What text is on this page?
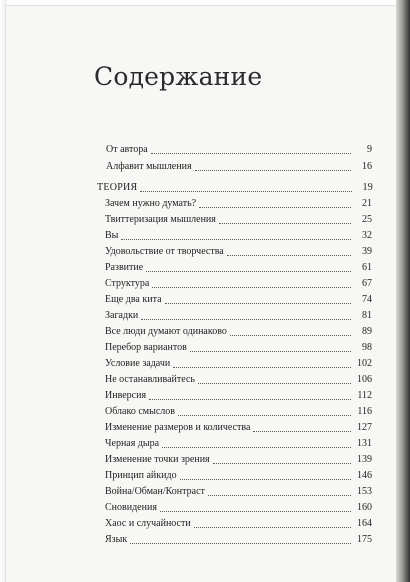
Содержание
От автора	9
Алфавит мышления	16
ТЕОРИЯ	19
Зачем нужно думать?	21
Твиттеризация мышления	25
Вы	32
Удовольствие от творчества	39
Развитие	61
Структура	67
Еще два кита	74
Загадки	81
Все люди думают одинаково	89
Перебор вариантов	98
Условие задачи	102
Не останавливайтесь	106
Инверсия	112
Облако смыслов	116
Изменение размеров и количества	127
Черная дыра	131
Изменение точки зрения	139
Принцип айкидо	146
Война/Обман/Контраст	153
Сновидения	160
Хаос и случайности	164
Язык	175
